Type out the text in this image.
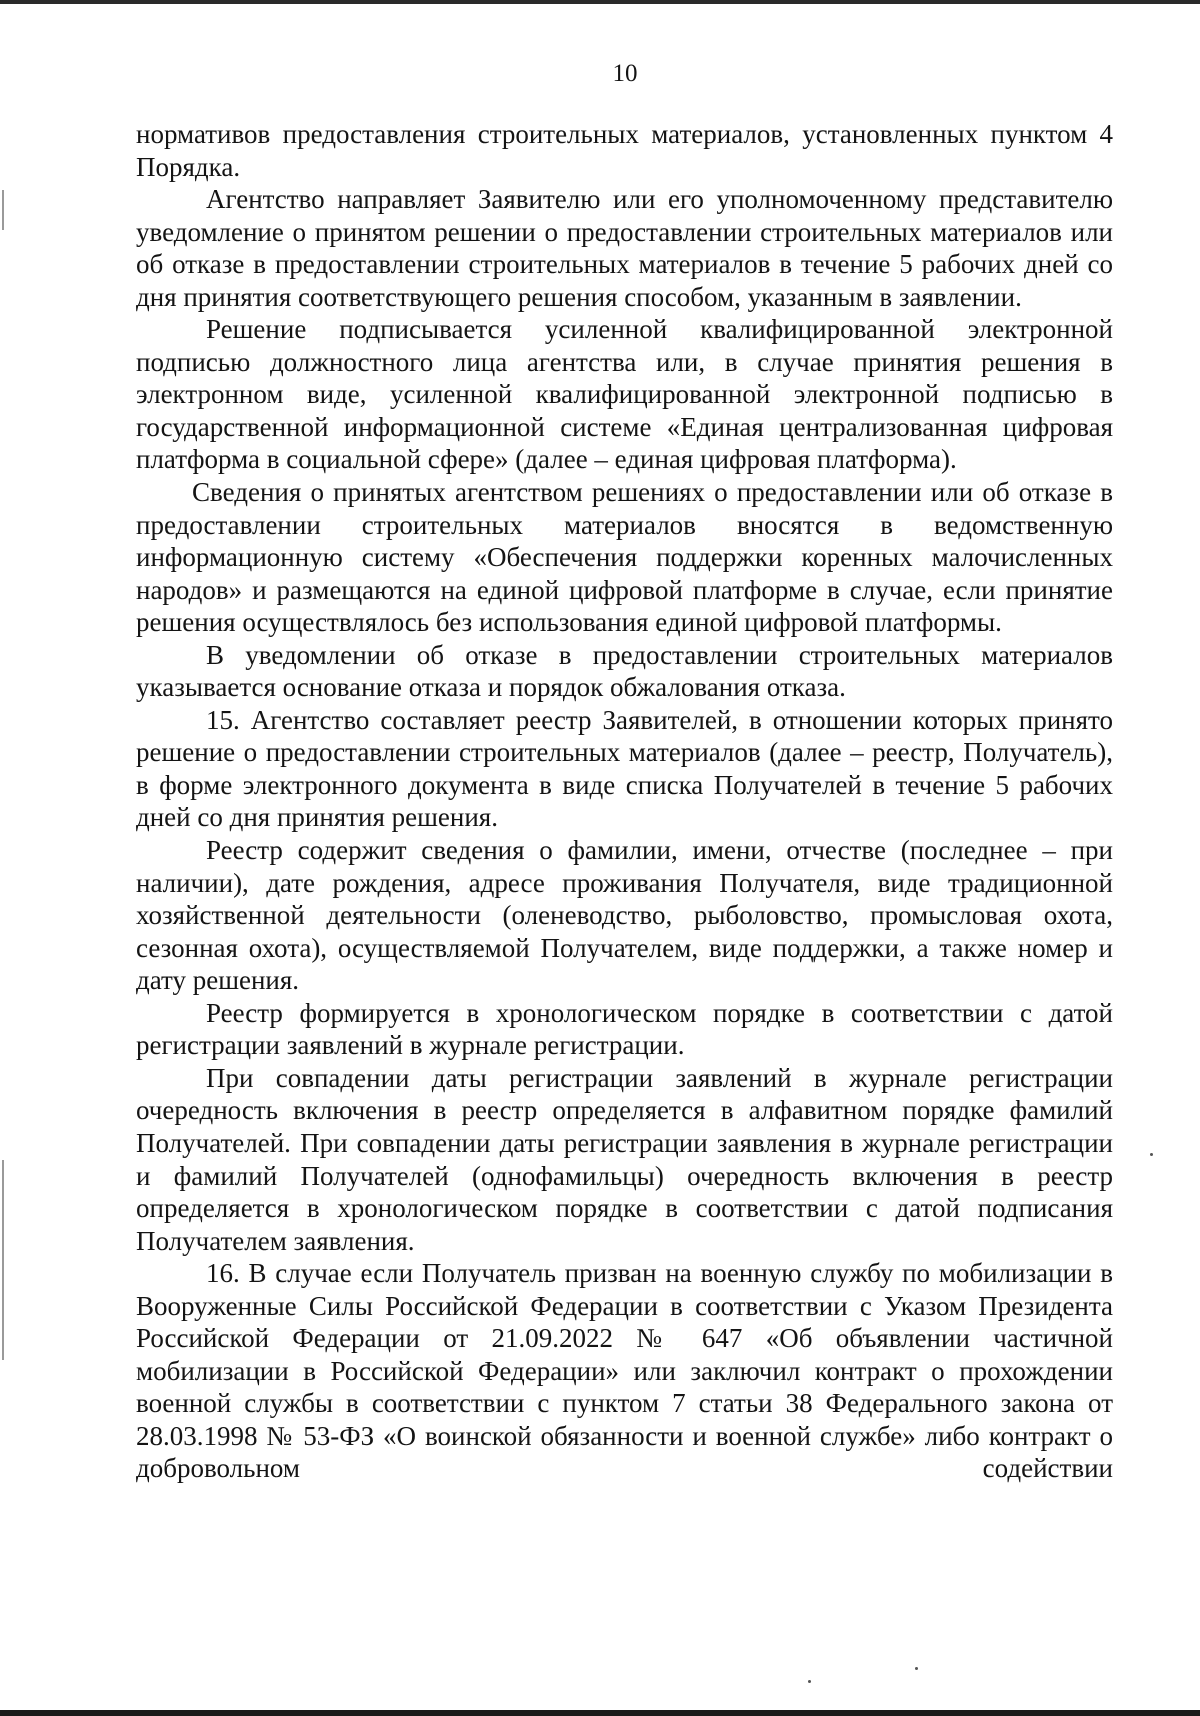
10

нормативов предоставления строительных материалов, установленных пунктом 4 Порядка.

Агентство направляет Заявителю или его уполномоченному представителю уведомление о принятом решении о предоставлении строительных материалов или об отказе в предоставлении строительных материалов в течение 5 рабочих дней со дня принятия соответствующего решения способом, указанным в заявлении.

Решение подписывается усиленной квалифицированной электронной подписью должностного лица агентства или, в случае принятия решения в электронном виде, усиленной квалифицированной электронной подписью в государственной информационной системе «Единая централизованная цифровая платформа в социальной сфере» (далее – единая цифровая платформа).

Сведения о принятых агентством решениях о предоставлении или об отказе в предоставлении строительных материалов вносятся в ведомственную информационную систему «Обеспечения поддержки коренных малочисленных народов» и размещаются на единой цифровой платформе в случае, если принятие решения осуществлялось без использования единой цифровой платформы.

В уведомлении об отказе в предоставлении строительных материалов указывается основание отказа и порядок обжалования отказа.

15. Агентство составляет реестр Заявителей, в отношении которых принято решение о предоставлении строительных материалов (далее – реестр, Получатель), в форме электронного документа в виде списка Получателей в течение 5 рабочих дней со дня принятия решения.

Реестр содержит сведения о фамилии, имени, отчестве (последнее – при наличии), дате рождения, адресе проживания Получателя, виде традиционной хозяйственной деятельности (оленеводство, рыболовство, промысловая охота, сезонная охота), осуществляемой Получателем, виде поддержки, а также номер и дату решения.

Реестр формируется в хронологическом порядке в соответствии с датой регистрации заявлений в журнале регистрации.

При совпадении даты регистрации заявлений в журнале регистрации очередность включения в реестр определяется в алфавитном порядке фамилий Получателей. При совпадении даты регистрации заявления в журнале регистрации и фамилий Получателей (однофамильцы) очередность включения в реестр определяется в хронологическом порядке в соответствии с датой подписания Получателем заявления.

16. В случае если Получатель призван на военную службу по мобилизации в Вооруженные Силы Российской Федерации в соответствии с Указом Президента Российской Федерации от 21.09.2022 № 647 «Об объявлении частичной мобилизации в Российской Федерации» или заключил контракт о прохождении военной службы в соответствии с пунктом 7 статьи 38 Федерального закона от 28.03.1998 № 53-ФЗ «О воинской обязанности и военной службе» либо контракт о добровольном содействии
